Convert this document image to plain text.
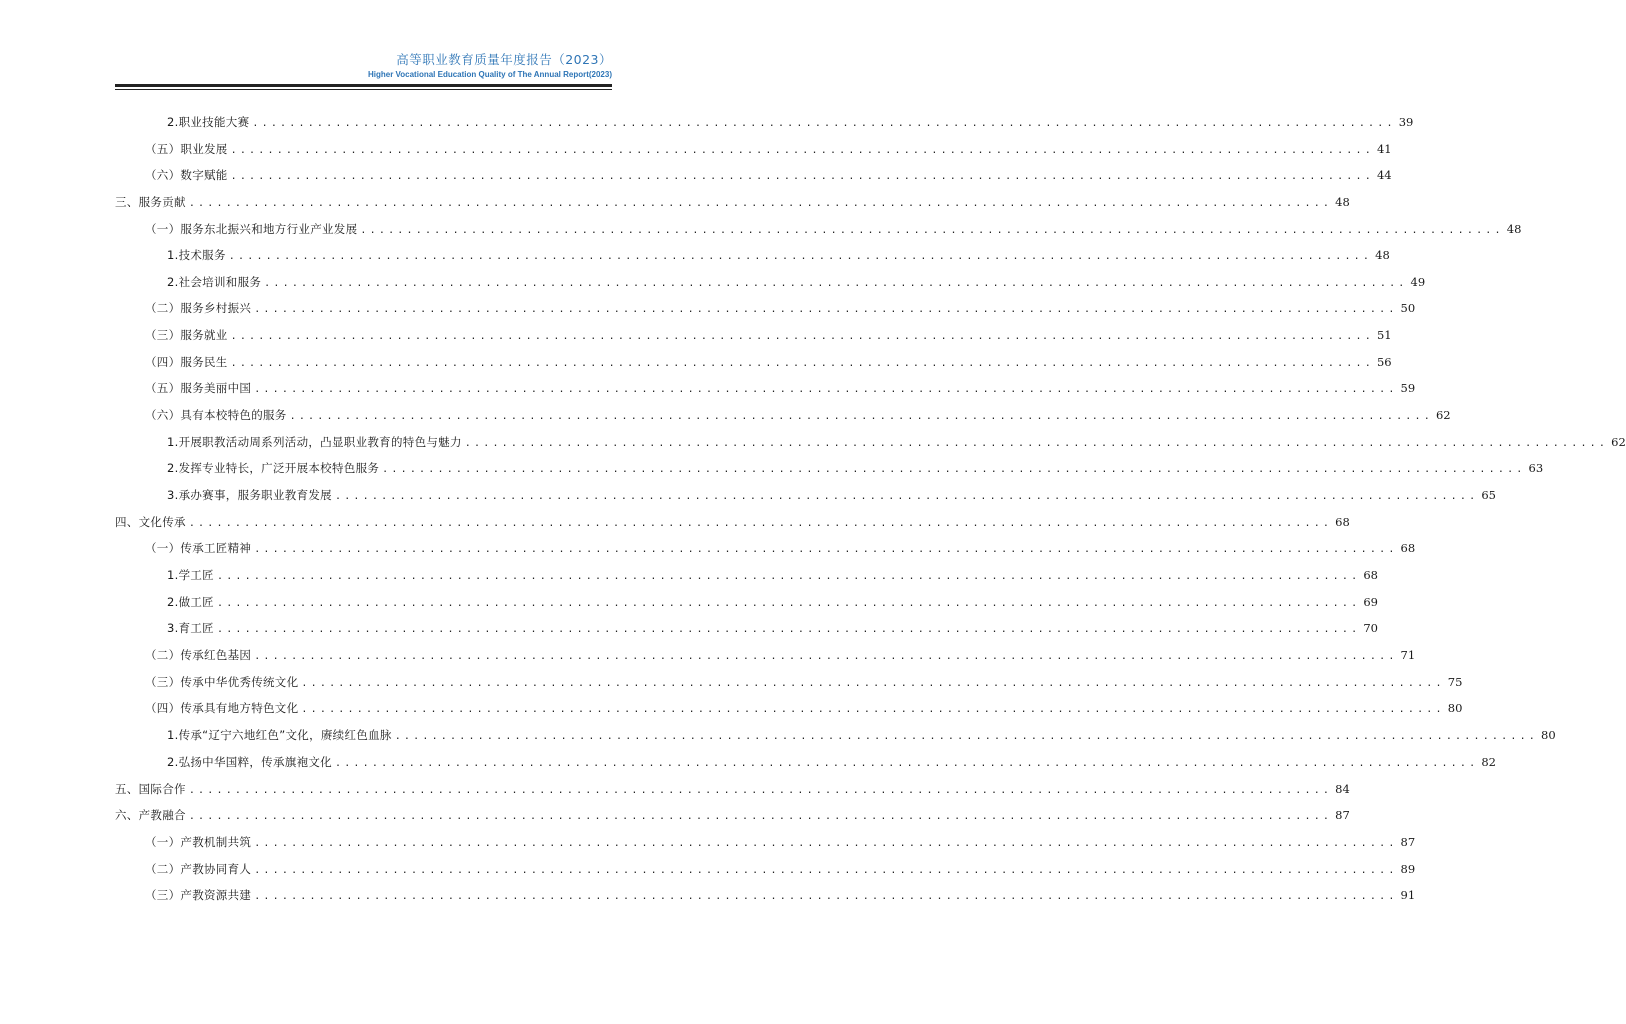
高等职业教育质量年度报告（2023）
Higher Vocational Education Quality of The Annual Report(2023)
2.职业技能大赛 ............................................................................................................................ 39
（五）职业发展 ............................................................................................................................ 41
（六）数字赋能 ............................................................................................................................ 44
三、服务贡献 ............................................................................................................................ 48
（一）服务东北振兴和地方行业产业发展 ............................................................................................................................ 48
1.技术服务 ............................................................................................................................ 48
2.社会培训和服务 ............................................................................................................................ 49
（二）服务乡村振兴 ............................................................................................................................ 50
（三）服务就业 ............................................................................................................................ 51
（四）服务民生 ............................................................................................................................ 56
（五）服务美丽中国 ............................................................................................................................ 59
（六）具有本校特色的服务 ............................................................................................................................ 62
1.开展职教活动周系列活动，凸显职业教育的特色与魅力 ............................................................................................................................ 62
2.发挥专业特长，广泛开展本校特色服务 ............................................................................................................................ 63
3.承办赛事，服务职业教育发展 ............................................................................................................................ 65
四、文化传承 ............................................................................................................................ 68
（一）传承工匠精神 ............................................................................................................................ 68
1.学工匠 ............................................................................................................................ 68
2.做工匠 ............................................................................................................................ 69
3.育工匠 ............................................................................................................................ 70
（二）传承红色基因 ............................................................................................................................ 71
（三）传承中华优秀传统文化 ............................................................................................................................ 75
（四）传承具有地方特色文化 ............................................................................................................................ 80
1.传承“辽宁六地红色”文化，赓续红色血脉 ............................................................................................................................ 80
2.弘扬中华国粹，传承旗袍文化 ............................................................................................................................ 82
五、国际合作 ............................................................................................................................ 84
六、产教融合 ............................................................................................................................ 87
（一）产教机制共筑 ............................................................................................................................ 87
（二）产教协同育人 ............................................................................................................................ 89
（三）产教资源共建 ............................................................................................................................ 91
